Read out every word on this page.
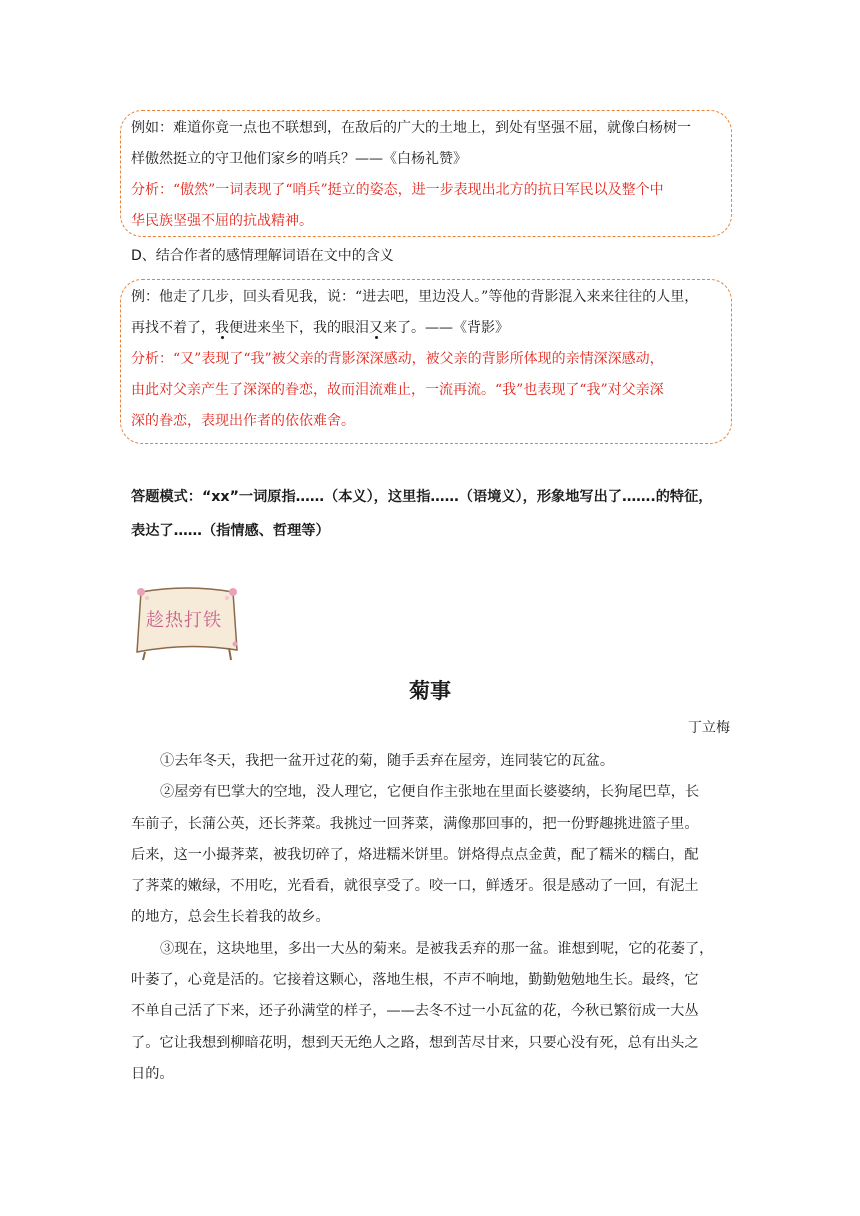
例如：难道你竟一点也不联想到，在敌后的广大的土地上，到处有坚强不屈，就像白杨树一
样傲然挺立的守卫他们家乡的哨兵？——《白杨礼赞》
分析：“傲然”一词表现了“哨兵”挺立的姿态，进一步表现出北方的抗日军民以及整个中
华民族坚强不屈的抗战精神。
D、结合作者的感情理解词语在文中的含义
例：他走了几步，回头看见我，说：“进去吧，里边没人。”等他的背影混入来来往往的人里，
再找不着了，我便进来坐下，我的眼泪又来了。——《背影》
分析：“又”表现了“我”被父亲的背影深深感动，被父亲的背影所体现的亲情深深感动，
由此对父亲产生了深深的眷恋，故而泪流难止，一流再流。“我”也表现了“我”对父亲深
深的眷恋，表现出作者的依依难舍。
答题模式：“xx”一词原指……（本义），这里指……（语境义），形象地写出了…….的特征，
表达了……（指情感、哲理等）
趁热打铁
菊事
丁立梅
①去年冬天，我把一盆开过花的菊，随手丢弃在屋旁，连同装它的瓦盆。
②屋旁有巴掌大的空地，没人理它，它便自作主张地在里面长婆婆纳，长狗尾巴草，长
车前子，长蒲公英，还长荠菜。我挑过一回荠菜，满像那回事的，把一份野趣挑进篮子里。
后来，这一小撮荠菜，被我切碎了，烙进糯米饼里。饼烙得点点金黄，配了糯米的糯白，配
了荠菜的嫩绿，不用吃，光看看，就很享受了。咬一口，鲜透牙。很是感动了一回，有泥土
的地方，总会生长着我的故乡。
③现在，这块地里，多出一大丛的菊来。是被我丢弃的那一盆。谁想到呢，它的花萎了，
叶萎了，心竟是活的。它接着这颗心，落地生根，不声不响地，勤勤勉勉地生长。最终，它
不单自己活了下来，还子孙满堂的样子，——去冬不过一小瓦盆的花，今秋已繁衍成一大丛
了。它让我想到柳暗花明，想到天无绝人之路，想到苦尽甘来，只要心没有死，总有出头之
日的。
